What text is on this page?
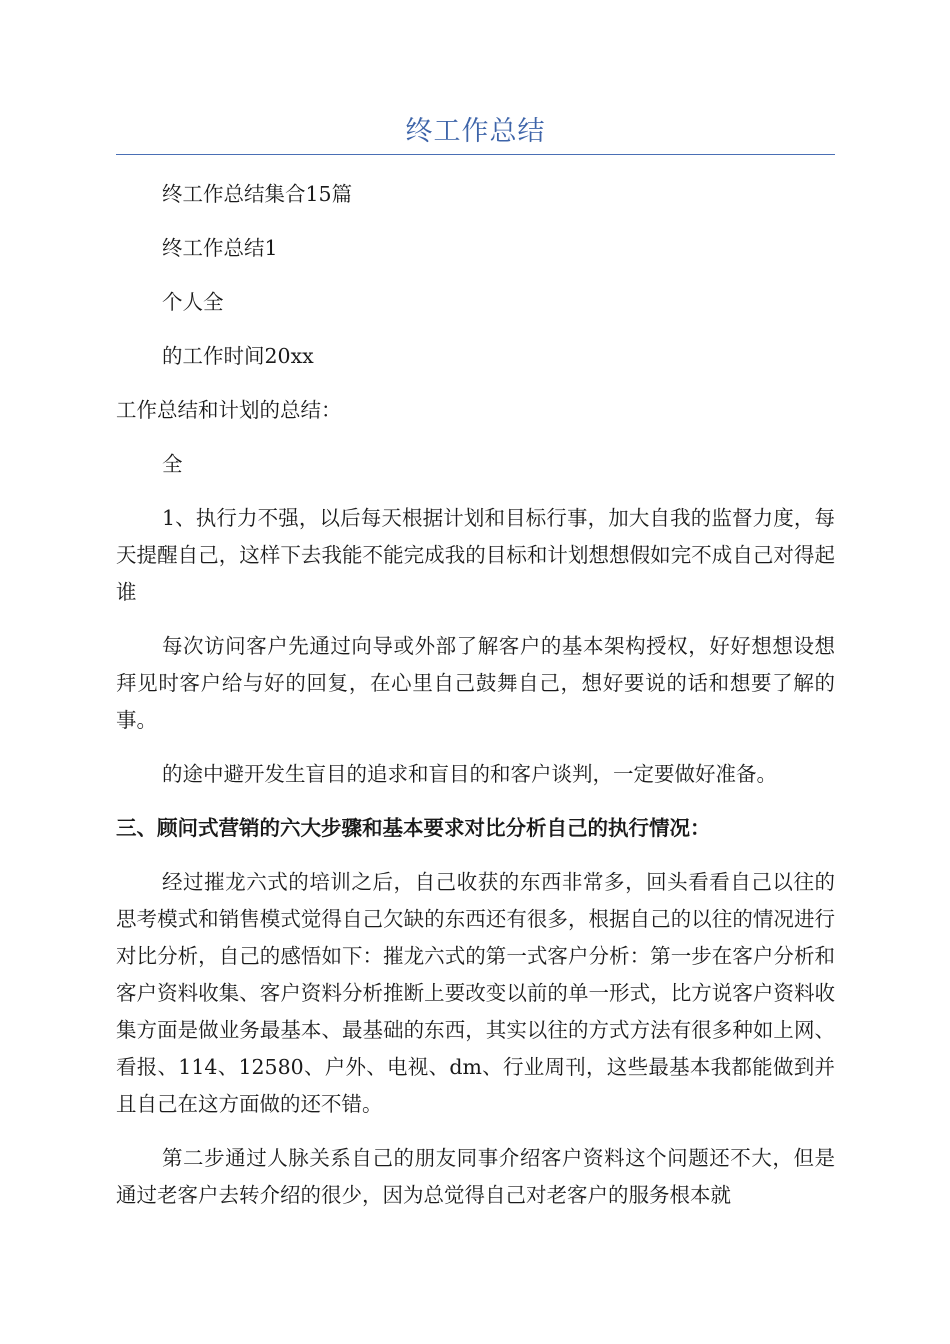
终工作总结

终工作总结集合15篇

终工作总结1

个人全

的工作时间20xx

工作总结和计划的总结：

全

1、执行力不强，以后每天根据计划和目标行事，加大自我的监督力度，每天提醒自己，这样下去我能不能完成我的目标和计划想想假如完不成自己对得起谁

每次访问客户先通过向导或外部了解客户的基本架构授权，好好想想设想拜见时客户给与好的回复，在心里自己鼓舞自己，想好要说的话和想要了解的事。

的途中避开发生盲目的追求和盲目的和客户谈判，一定要做好准备。

三、顾问式营销的六大步骤和基本要求对比分析自己的执行情况：

经过摧龙六式的培训之后，自己收获的东西非常多，回头看看自己以往的思考模式和销售模式觉得自己欠缺的东西还有很多，根据自己的以往的情况进行对比分析，自己的感悟如下：摧龙六式的第一式客户分析：第一步在客户分析和客户资料收集、客户资料分析推断上要改变以前的单一形式，比方说客户资料收集方面是做业务最基本、最基础的东西，其实以往的方式方法有很多种如上网、看报、114、12580、户外、电视、dm、行业周刊，这些最基本我都能做到并且自己在这方面做的还不错。

第二步通过人脉关系自己的朋友同事介绍客户资料这个问题还不大，但是通过老客户去转介绍的很少，因为总觉得自己对老客户的服务根本就
